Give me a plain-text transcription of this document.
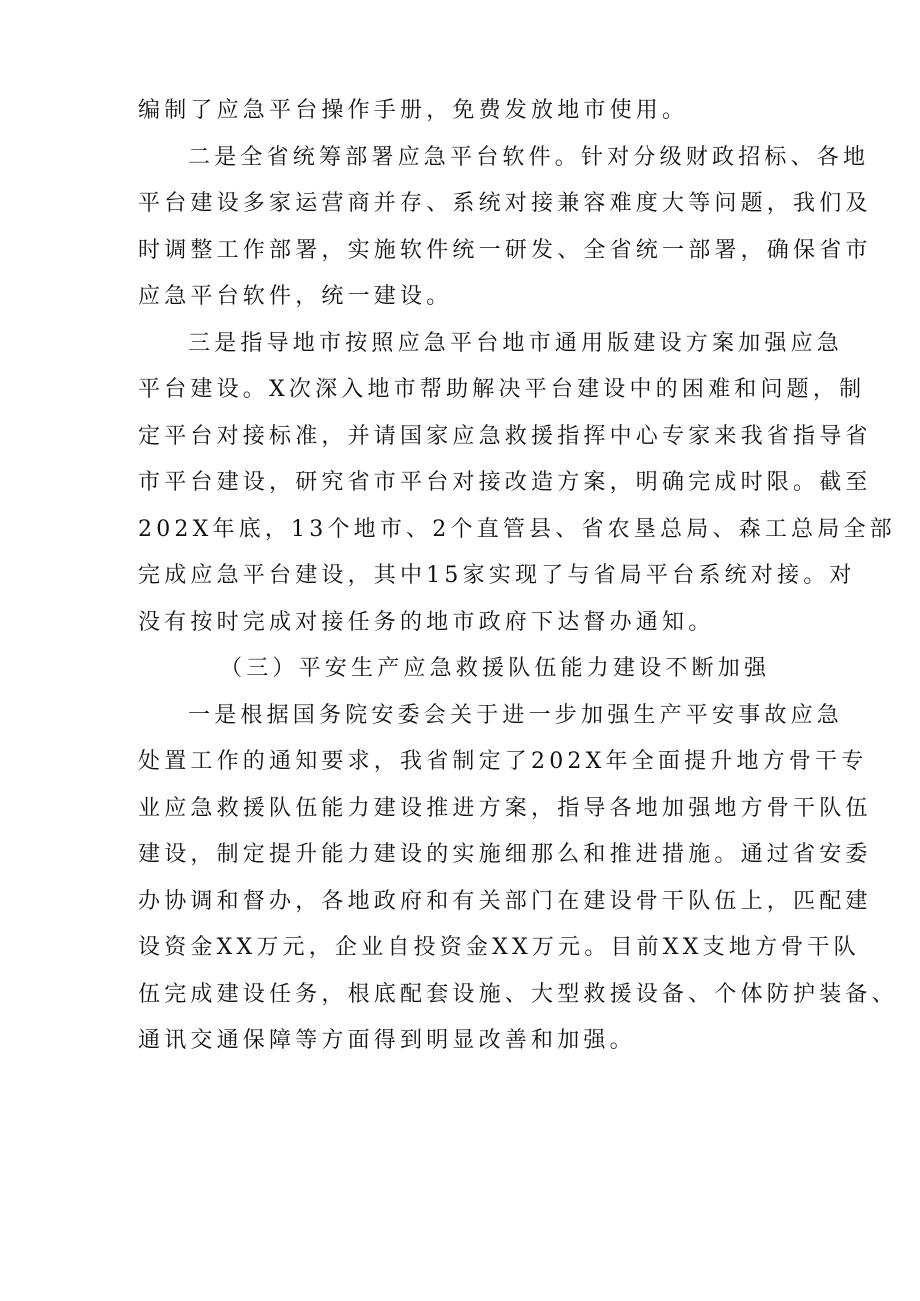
编制了应急平台操作手册，免费发放地市使用。
二是全省统筹部署应急平台软件。针对分级财政招标、各地
平台建设多家运营商并存、系统对接兼容难度大等问题，我们及
时调整工作部署，实施软件统一研发、全省统一部署，确保省市
应急平台软件，统一建设。
三是指导地市按照应急平台地市通用版建设方案加强应急
平台建设。X次深入地市帮助解决平台建设中的困难和问题，制
定平台对接标准，并请国家应急救援指挥中心专家来我省指导省
市平台建设，研究省市平台对接改造方案，明确完成时限。截至
202X年底，13个地市、2个直管县、省农垦总局、森工总局全部
完成应急平台建设，其中15家实现了与省局平台系统对接。对
没有按时完成对接任务的地市政府下达督办通知。
（三）平安生产应急救援队伍能力建设不断加强
一是根据国务院安委会关于进一步加强生产平安事故应急
处置工作的通知要求，我省制定了202X年全面提升地方骨干专
业应急救援队伍能力建设推进方案，指导各地加强地方骨干队伍
建设，制定提升能力建设的实施细那么和推进措施。通过省安委
办协调和督办，各地政府和有关部门在建设骨干队伍上，匹配建
设资金XX万元，企业自投资金XX万元。目前XX支地方骨干队
伍完成建设任务，根底配套设施、大型救援设备、个体防护装备、
通讯交通保障等方面得到明显改善和加强。
